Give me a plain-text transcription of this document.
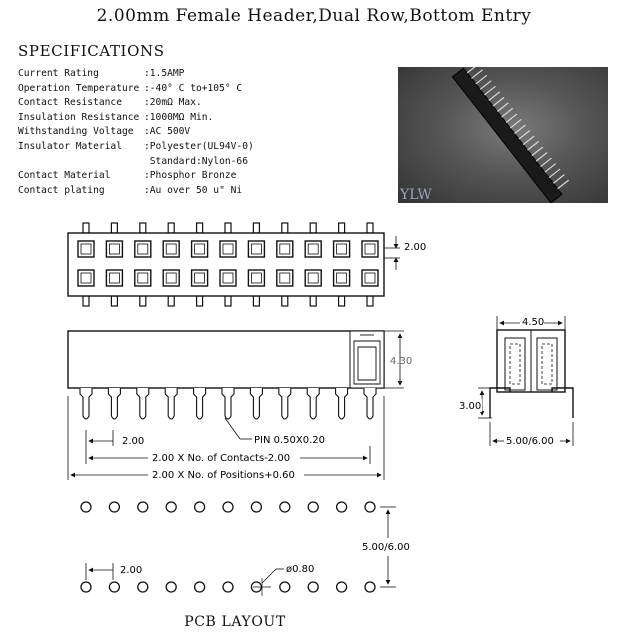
2.00mm Female Header,Dual Row,Bottom Entry
SPECIFICATIONS
Current Rating	:1.5AMP
Operation Temperature :-40° C to+105° C
Contact Resistance	:20mΩ Max.
Insulation Resistance :1000MΩ Min.
Withstanding Voltage	:AC 500V
Insulator Material	:Polyester(UL94V-0)
Standard:Nylon-66
Contact Material	:Phosphor Bronze
Contact plating	:Au over 50 u" Ni	YLW
2.00
4.30
2.00	PIN 0.50X0.20
2.00 X No. of Contacts-2.00
2.00 X No. of Positions+0.60
4.50
3.00
5.00/6.00
5.00/6.00
2.00	ø0.80
PCB LAYOUT
